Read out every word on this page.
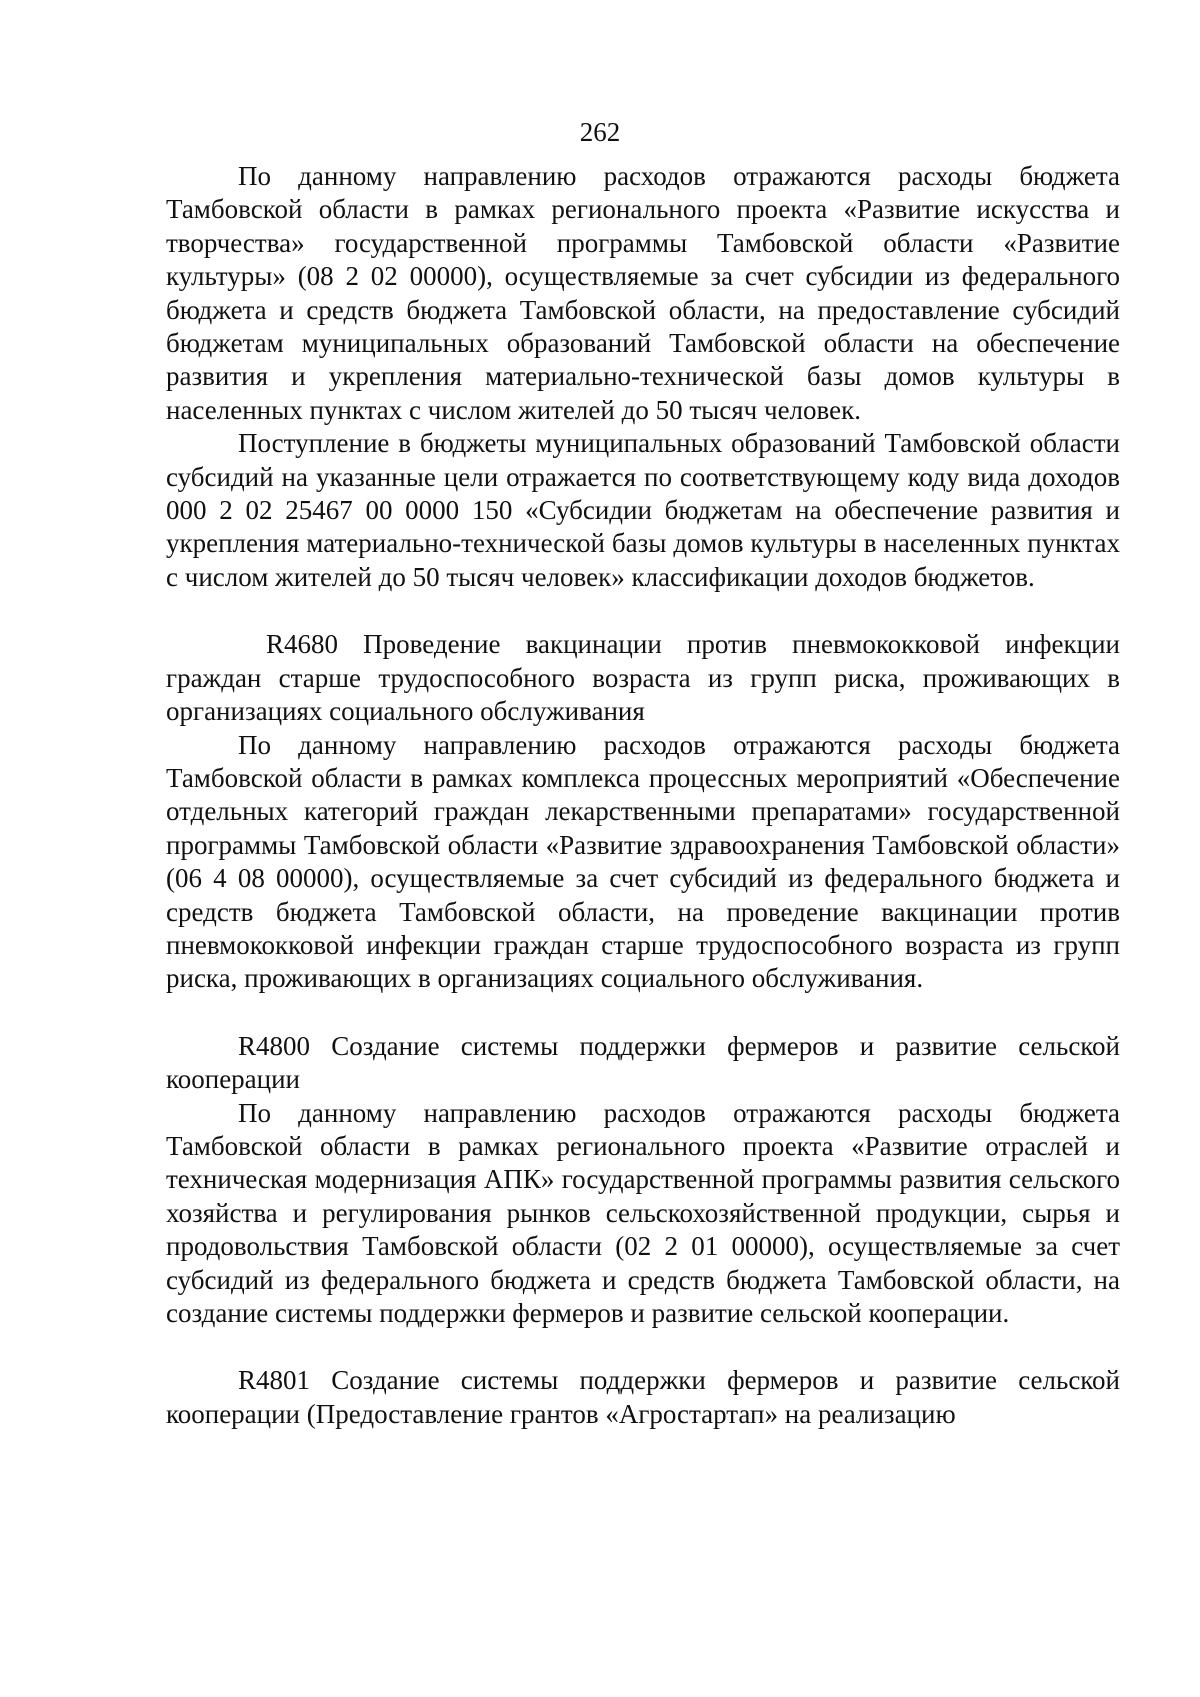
262

По данному направлению расходов отражаются расходы бюджета Тамбовской области в рамках регионального проекта «Развитие искусства и творчества» государственной программы Тамбовской области «Развитие культуры» (08 2 02 00000), осуществляемые за счет субсидии из федерального бюджета и средств бюджета Тамбовской области, на предоставление субсидий бюджетам муниципальных образований Тамбовской области на обеспечение развития и укрепления материально-технической базы домов культуры в населенных пунктах с числом жителей до 50 тысяч человек.

Поступление в бюджеты муниципальных образований Тамбовской области субсидий на указанные цели отражается по соответствующему коду вида доходов 000 2 02 25467 00 0000 150 «Субсидии бюджетам на обеспечение развития и укрепления материально-технической базы домов культуры в населенных пунктах с числом жителей до 50 тысяч человек» классификации доходов бюджетов.

R4680 Проведение вакцинации против пневмококковой инфекции граждан старше трудоспособного возраста из групп риска, проживающих в организациях социального обслуживания

По данному направлению расходов отражаются расходы бюджета Тамбовской области в рамках комплекса процессных мероприятий «Обеспечение отдельных категорий граждан лекарственными препаратами» государственной программы Тамбовской области «Развитие здравоохранения Тамбовской области» (06 4 08 00000), осуществляемые за счет субсидий из федерального бюджета и средств бюджета Тамбовской области, на проведение вакцинации против пневмококковой инфекции граждан старше трудоспособного возраста из групп риска, проживающих в организациях социального обслуживания.

R4800 Создание системы поддержки фермеров и развитие сельской кооперации

По данному направлению расходов отражаются расходы бюджета Тамбовской области в рамках регионального проекта «Развитие отраслей и техническая модернизация АПК» государственной программы развития сельского хозяйства и регулирования рынков сельскохозяйственной продукции, сырья и продовольствия Тамбовской области (02 2 01 00000), осуществляемые за счет субсидий из федерального бюджета и средств бюджета Тамбовской области, на создание системы поддержки фермеров и развитие сельской кооперации.

R4801 Создание системы поддержки фермеров и развитие сельской кооперации (Предоставление грантов «Агростартап» на реализацию
